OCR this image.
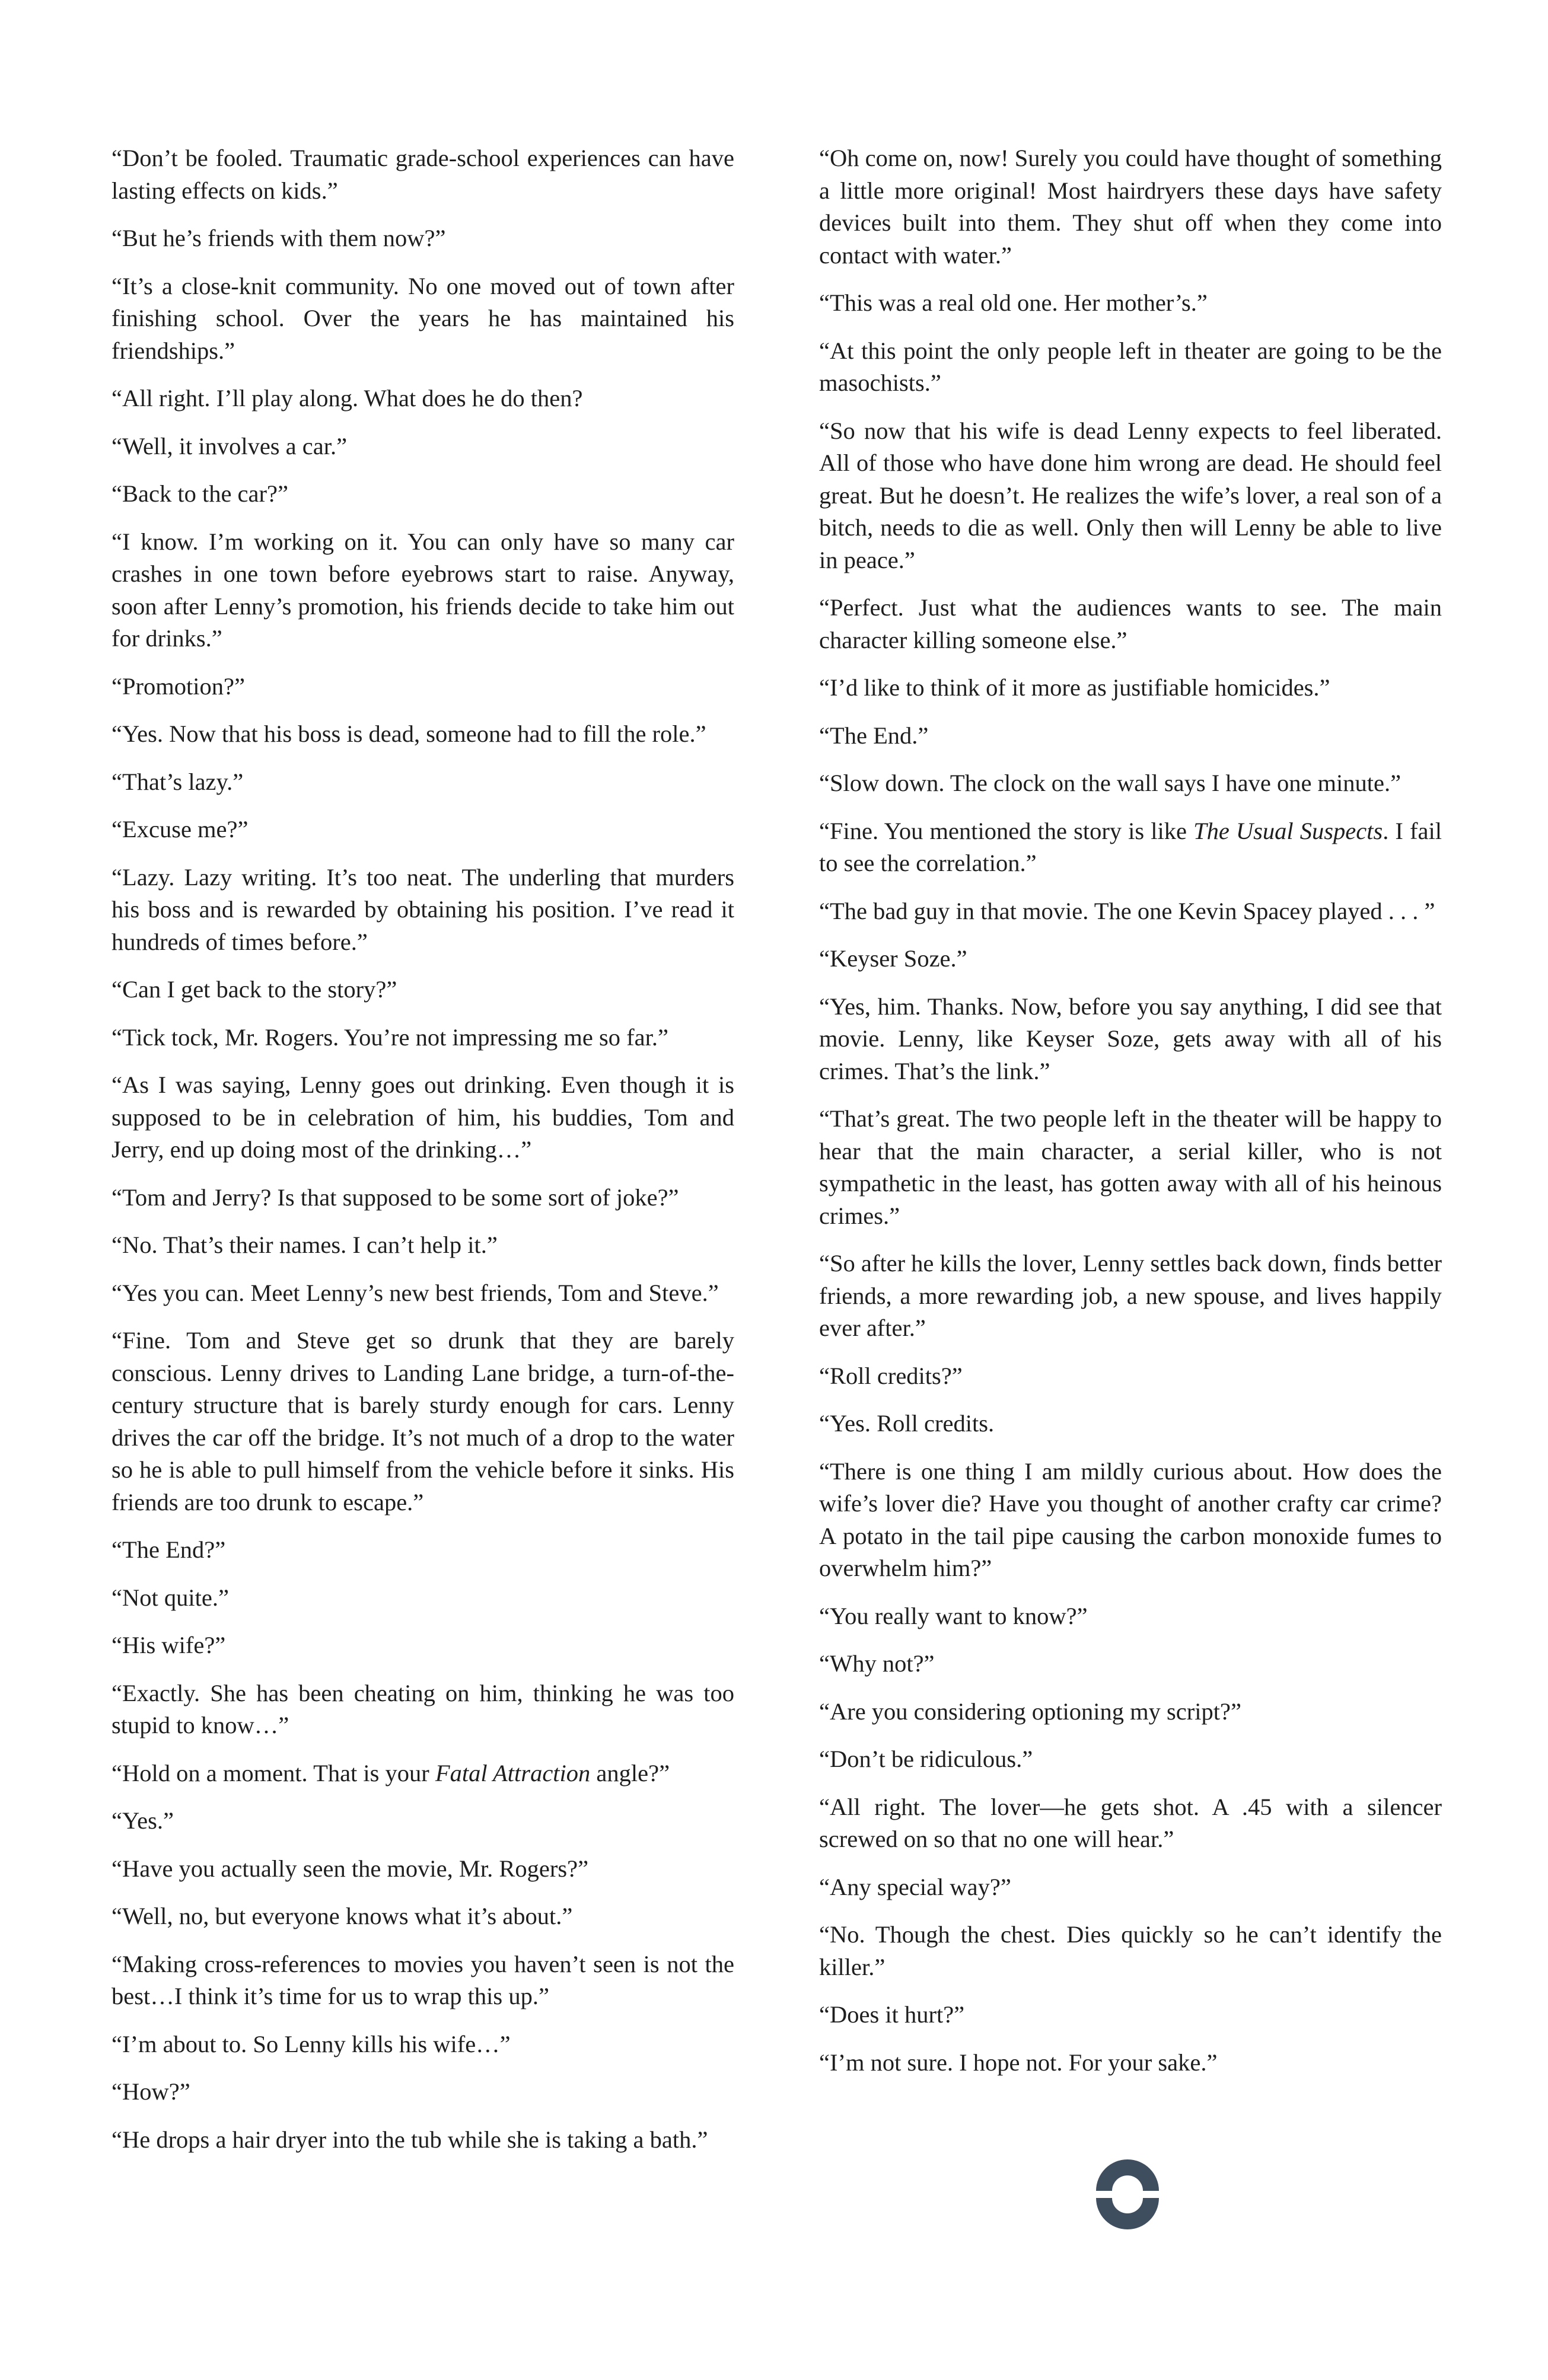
“Don’t be fooled. Traumatic grade-school experiences can have lasting effects on kids.”

“But he’s friends with them now?”

“It’s a close-knit community. No one moved out of town after finishing school. Over the years he has maintained his friendships.”

“All right. I’ll play along. What does he do then?

“Well, it involves a car.”

“Back to the car?”

“I know. I’m working on it. You can only have so many car crashes in one town before eyebrows start to raise. Anyway, soon after Lenny’s promotion, his friends decide to take him out for drinks.”

“Promotion?”

“Yes. Now that his boss is dead, someone had to fill the role.”

“That’s lazy.”

“Excuse me?”

“Lazy. Lazy writing. It’s too neat. The underling that murders his boss and is rewarded by obtaining his position. I’ve read it hundreds of times before.”

“Can I get back to the story?”

“Tick tock, Mr. Rogers. You’re not impressing me so far.”

“As I was saying, Lenny goes out drinking. Even though it is supposed to be in celebration of him, his buddies, Tom and Jerry, end up doing most of the drinking…”

“Tom and Jerry? Is that supposed to be some sort of joke?”

“No. That’s their names. I can’t help it.”

“Yes you can. Meet Lenny’s new best friends, Tom and Steve.”

“Fine. Tom and Steve get so drunk that they are barely conscious. Lenny drives to Landing Lane bridge, a turn-of-the-century structure that is barely sturdy enough for cars. Lenny drives the car off the bridge. It’s not much of a drop to the water so he is able to pull himself from the vehicle before it sinks. His friends are too drunk to escape.”

“The End?”

“Not quite.”

“His wife?”

“Exactly. She has been cheating on him, thinking he was too stupid to know…”

“Hold on a moment. That is your Fatal Attraction angle?”

“Yes.”

“Have you actually seen the movie, Mr. Rogers?”

“Well, no, but everyone knows what it’s about.”

“Making cross-references to movies you haven’t seen is not the best…I think it’s time for us to wrap this up.”

“I’m about to. So Lenny kills his wife…”

“How?”

“He drops a hair dryer into the tub while she is taking a bath.”

“Oh come on, now! Surely you could have thought of something a little more original! Most hairdryers these days have safety devices built into them. They shut off when they come into contact with water.”

“This was a real old one. Her mother’s.”

“At this point the only people left in theater are going to be the masochists.”

“So now that his wife is dead Lenny expects to feel liberated. All of those who have done him wrong are dead. He should feel great. But he doesn’t. He realizes the wife’s lover, a real son of a bitch, needs to die as well. Only then will Lenny be able to live in peace.”

“Perfect. Just what the audiences wants to see. The main character killing someone else.”

“I’d like to think of it more as justifiable homicides.”

“The End.”

“Slow down. The clock on the wall says I have one minute.”

“Fine. You mentioned the story is like The Usual Suspects. I fail to see the correlation.”

“The bad guy in that movie. The one Kevin Spacey played . . . ”

“Keyser Soze.”

“Yes, him. Thanks. Now, before you say anything, I did see that movie. Lenny, like Keyser Soze, gets away with all of his crimes. That’s the link.”

“That’s great. The two people left in the theater will be happy to hear that the main character, a serial killer, who is not sympathetic in the least, has gotten away with all of his heinous crimes.”

“So after he kills the lover, Lenny settles back down, finds better friends, a more rewarding job, a new spouse, and lives happily ever after.”

“Roll credits?”

“Yes. Roll credits.

“There is one thing I am mildly curious about. How does the wife’s lover die? Have you thought of another crafty car crime? A potato in the tail pipe causing the carbon monoxide fumes to overwhelm him?”

“You really want to know?”

“Why not?”

“Are you considering optioning my script?”

“Don’t be ridiculous.”

“All right. The lover—he gets shot. A .45 with a silencer screwed on so that no one will hear.”

“Any special way?”

“No. Though the chest. Dies quickly so he can’t identify the killer.”

“Does it hurt?”

“I’m not sure. I hope not. For your sake.”
